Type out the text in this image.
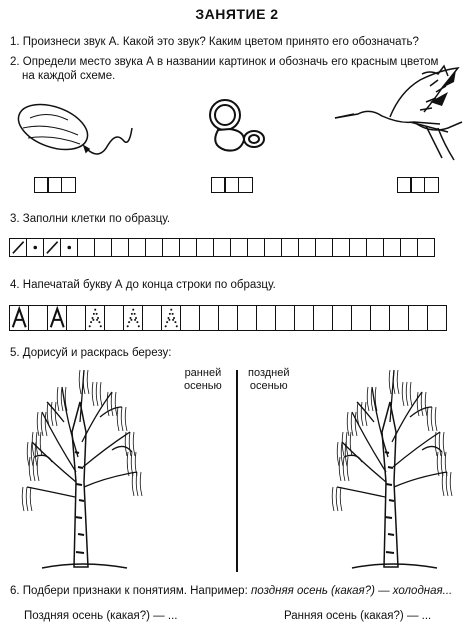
ЗАНЯТИЕ 2
1. Произнеси звук А. Какой это звук? Каким цветом принято его обозначать?
2. Определи место звука А в названии картинок и обозначь его красным цветом
на каждой схеме.
3. Заполни клетки по образцу.
4. Напечатай букву А до конца строки по образцу.
5. Дорисуй и раскрась березу:
ранней
осенью
поздней
осенью
6. Подбери признаки к понятиям. Например: поздняя осень (какая?) — холодная...
Поздняя осень (какая?) — ...	Ранняя осень (какая?) — ...
